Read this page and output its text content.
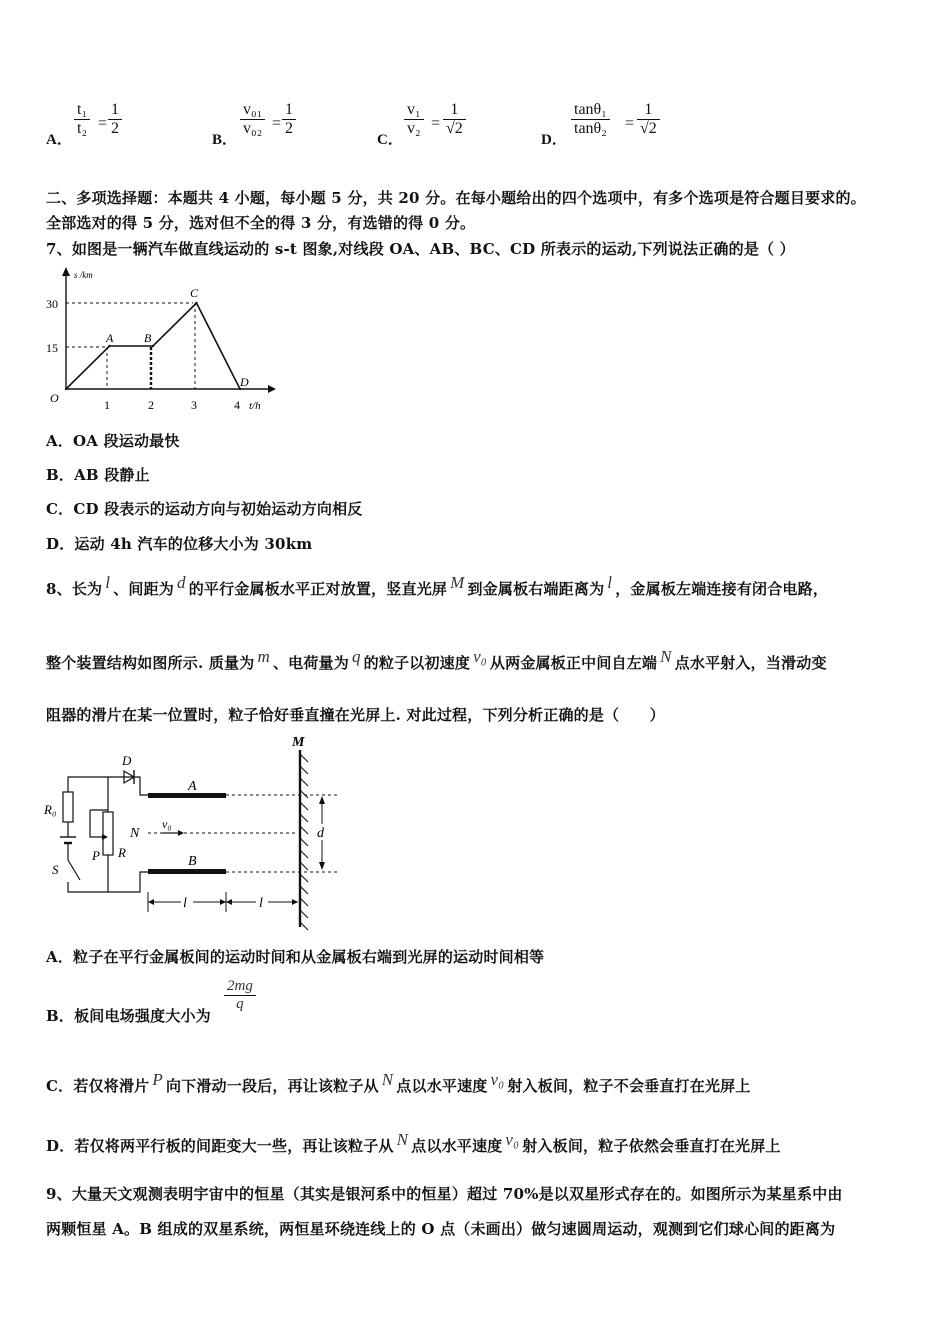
A．
$\frac{\text{t₁}}{\text{t₂}} = \frac{1}{2}$
B．
$\frac{\text{v₀₁}}{\text{v₀₂}} = \frac{1}{2}$
C．
$\frac{\text{v₁}}{\text{v₂}} = \frac{1}{√2}$
D．
$\frac{\text{tanθ₁}}{\text{tanθ₂}} = \frac{1}{√2}$
二、多项选择题：本题共 4 小题，每小题 5 分，共 20 分。在每小题给出的四个选项中，有多个选项是符合题目要求的。
全部选对的得 5 分，选对但不全的得 3 分，有选错的得 0 分。
7、如图是一辆汽车做直线运动的 s-t 图象,对线段 OA、AB、BC、CD 所表示的运动,下列说法正确的是（ ）
s /km
t/h
O
30
15
1	2	3	4
A	B
C
D
A．OA 段运动最快
B．AB 段静止
C．CD 段表示的运动方向与初始运动方向相反
D．运动 4h 汽车的位移大小为 30km
8、长为 l 、间距为 d 的平行金属板水平正对放置，竖直光屏 M 到金属板右端距离为 l ，金属板左端连接有闭合电路，
整个装置结构如图所示. 质量为 m 、电荷量为 q 的粒子以初速度 v₀ 从两金属板正中间自左端 N 点水平射入，当滑动变
阻器的滑片在某一位置时，粒子恰好垂直撞在光屏上. 对此过程，下列分析正确的是（　　）
M
A
B
v₀
N	d
l	l
D
R₀
S
P R
A．粒子在平行金属板间的运动时间和从金属板右端到光屏的运动时间相等
B．板间电场强度大小为
$\frac{2mg}{q}$
C．若仅将滑片 P 向下滑动一段后，再让该粒子从 N 点以水平速度 v₀ 射入板间，粒子不会垂直打在光屏上
D．若仅将两平行板的间距变大一些，再让该粒子从 N 点以水平速度 v₀ 射入板间，粒子依然会垂直打在光屏上
9、大量天文观测表明宇宙中的恒星（其实是银河系中的恒星）超过 70%是以双星形式存在的。如图所示为某星系中由
两颗恒星 A。B 组成的双星系统，两恒星环绕连线上的 O 点（未画出）做匀速圆周运动，观测到它们球心间的距离为
